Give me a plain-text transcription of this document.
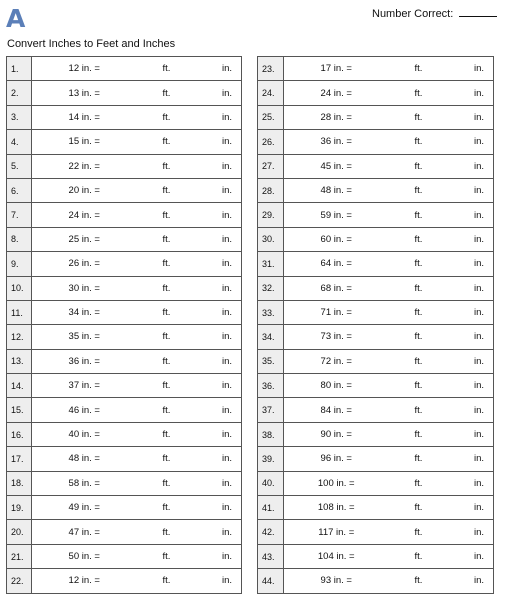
A	Number Correct:
Convert Inches to Feet and Inches
1.	12 in. =	ft.	in.
2.	13 in. =	ft.	in.
3.	14 in. =	ft.	in.
4.	15 in. =	ft.	in.
5.	22 in. =	ft.	in.
6.	20 in. =	ft.	in.
7.	24 in. =	ft.	in.
8.	25 in. =	ft.	in.
9.	26 in. =	ft.	in.
10.	30 in. =	ft.	in.
11.	34 in. =	ft.	in.
12.	35 in. =	ft.	in.
13.	36 in. =	ft.	in.
14.	37 in. =	ft.	in.
15.	46 in. =	ft.	in.
16.	40 in. =	ft.	in.
17.	48 in. =	ft.	in.
18.	58 in. =	ft.	in.
19.	49 in. =	ft.	in.
20.	47 in. =	ft.	in.
21.	50 in. =	ft.	in.
22.	12 in. =	ft.	in.
23.	17 in. =	ft.	in.
24.	24 in. =	ft.	in.
25.	28 in. =	ft.	in.
26.	36 in. =	ft.	in.
27.	45 in. =	ft.	in.
28.	48 in. =	ft.	in.
29.	59 in. =	ft.	in.
30.	60 in. =	ft.	in.
31.	64 in. =	ft.	in.
32.	68 in. =	ft.	in.
33.	71 in. =	ft.	in.
34.	73 in. =	ft.	in.
35.	72 in. =	ft.	in.
36.	80 in. =	ft.	in.
37.	84 in. =	ft.	in.
38.	90 in. =	ft.	in.
39.	96 in. =	ft.	in.
40.	100 in. =	ft.	in.
41.	108 in. =	ft.	in.
42.	117 in. =	ft.	in.
43.	104 in. =	ft.	in.
44.	93 in. =	ft.	in.
